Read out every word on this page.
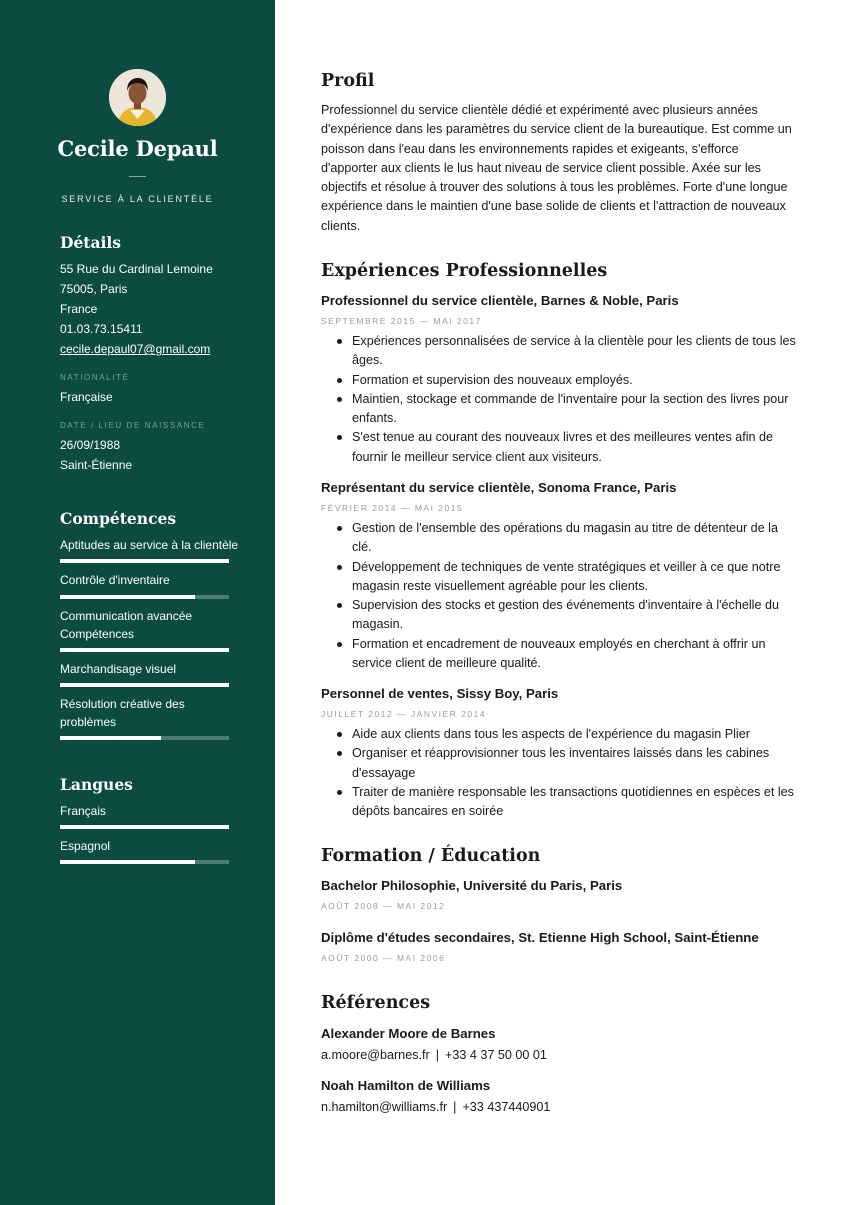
Cecile Depaul
SERVICE À LA CLIENTÈLE
Détails
55 Rue du Cardinal Lemoine
75005, Paris
France
01.03.73.15411
cecile.depaul07@gmail.com
NATIONALITÉ
Française
DATE / LIEU DE NAISSANCE
26/09/1988
Saint-Étienne
Compétences
Aptitudes au service à la clientèle
Contrôle d'inventaire
Communication avancée Compétences
Marchandisage visuel
Résolution créative des problèmes
Langues
Français
Espagnol
Profil
Professionnel du service clientèle dédié et expérimenté avec plusieurs années d'expérience dans les paramètres du service client de la bureautique. Est comme un poisson dans l'eau dans les environnements rapides et exigeants, s'efforce d'apporter aux clients le lus haut niveau de service client possible. Axée sur les objectifs et résolue à trouver des solutions à tous les problèmes. Forte d'une longue expérience dans le maintien d'une base solide de clients et l'attraction de nouveaux clients.
Expériences Professionnelles
Professionnel du service clientèle, Barnes & Noble, Paris
SEPTEMBRE 2015 — MAI 2017
Expériences personnalisées de service à la clientèle pour les clients de tous les âges.
Formation et supervision des nouveaux employés.
Maintien, stockage et commande de l'inventaire pour la section des livres pour enfants.
S'est tenue au courant des nouveaux livres et des meilleures ventes afin de fournir le meilleur service client aux visiteurs.
Représentant du service clientèle, Sonoma France, Paris
FÉVRIER 2014 — MAI 2015
Gestion de l'ensemble des opérations du magasin au titre de détenteur de la clé.
Développement de techniques de vente stratégiques et veiller à ce que notre magasin reste visuellement agréable pour les clients.
Supervision des stocks et gestion des événements d'inventaire à l'échelle du magasin.
Formation et encadrement de nouveaux employés en cherchant à offrir un service client de meilleure qualité.
Personnel de ventes, Sissy Boy, Paris
JUILLET 2012 — JANVIER 2014
Aide aux clients dans tous les aspects de l'expérience du magasin Plier
Organiser et réapprovisionner tous les inventaires laissés dans les cabines d'essayage
Traiter de manière responsable les transactions quotidiennes en espèces et les dépôts bancaires en soirée
Formation / Éducation
Bachelor Philosophie, Université du Paris, Paris
AOÛT 2008 — MAI 2012
Diplôme d'études secondaires, St. Etienne High School, Saint-Étienne
AOÛT 2000 — MAI 2006
Références
Alexander Moore de Barnes
a.moore@barnes.fr | +33 4 37 50 00 01
Noah Hamilton de Williams
n.hamilton@williams.fr | +33 437440901
